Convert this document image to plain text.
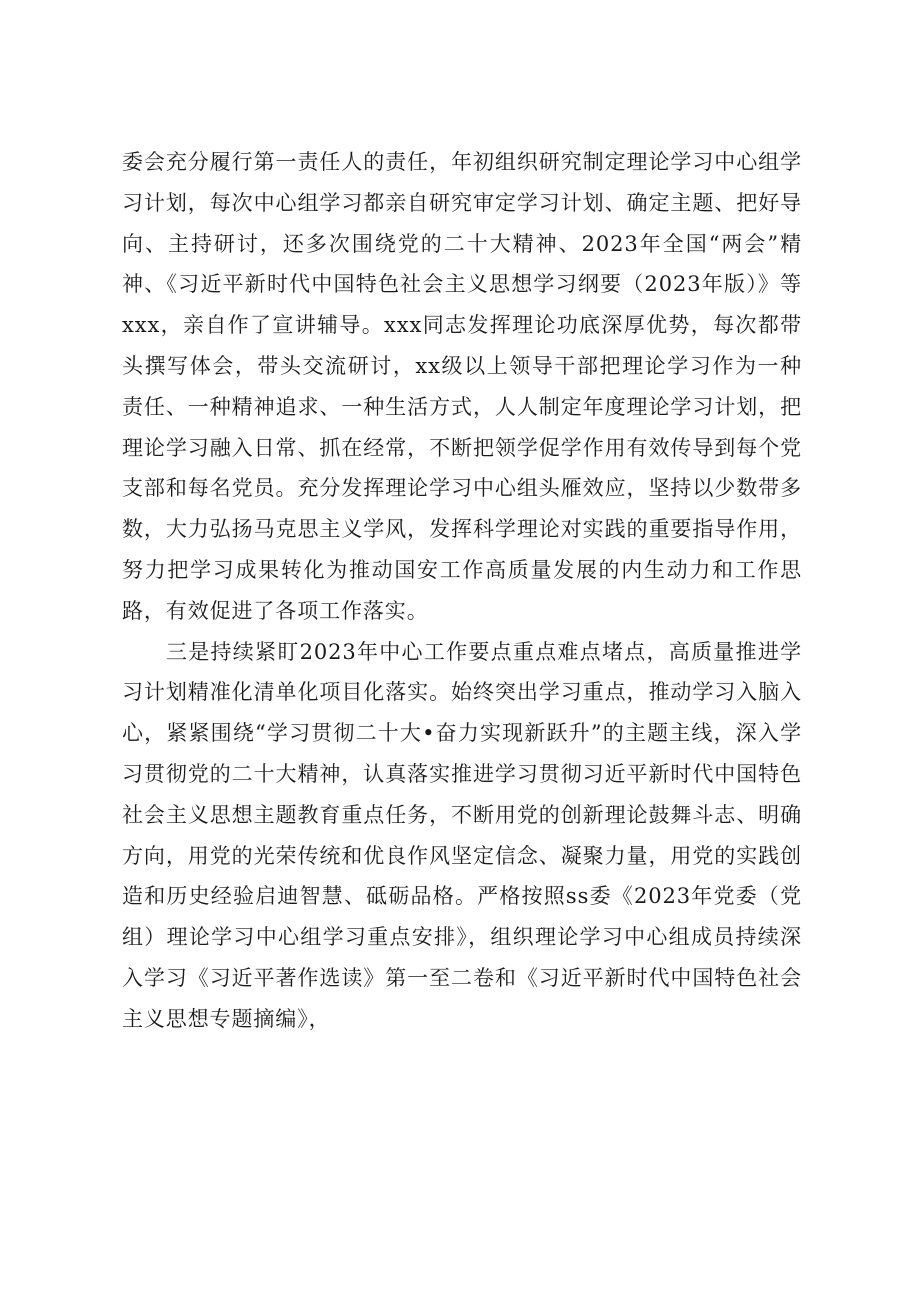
委会充分履行第一责任人的责任，年初组织研究制定理论学习中心组学习计划，每次中心组学习都亲自研究审定学习计划、确定主题、把好导向、主持研讨，还多次围绕党的二十大精神、2023年全国“两会”精神、《习近平新时代中国特色社会主义思想学习纲要（2023年版）》等xxx，亲自作了宣讲辅导。xxx同志发挥理论功底深厚优势，每次都带头撰写体会，带头交流研讨，xx级以上领导干部把理论学习作为一种责任、一种精神追求、一种生活方式，人人制定年度理论学习计划，把理论学习融入日常、抓在经常，不断把领学促学作用有效传导到每个党支部和每名党员。充分发挥理论学习中心组头雁效应，坚持以少数带多数，大力弘扬马克思主义学风，发挥科学理论对实践的重要指导作用，努力把学习成果转化为推动国安工作高质量发展的内生动力和工作思路，有效促进了各项工作落实。

三是持续紧盯2023年中心工作要点重点难点堵点，高质量推进学习计划精准化清单化项目化落实。始终突出学习重点，推动学习入脑入心，紧紧围绕“学习贯彻二十大•奋力实现新跃升”的主题主线，深入学习贯彻党的二十大精神，认真落实推进学习贯彻习近平新时代中国特色社会主义思想主题教育重点任务，不断用党的创新理论鼓舞斗志、明确方向，用党的光荣传统和优良作风坚定信念、凝聚力量，用党的实践创造和历史经验启迪智慧、砥砺品格。严格按照ss委《2023年党委（党组）理论学习中心组学习重点安排》，组织理论学习中心组成员持续深入学习《习近平著作选读》第一至二卷和《习近平新时代中国特色社会主义思想专题摘编》，
